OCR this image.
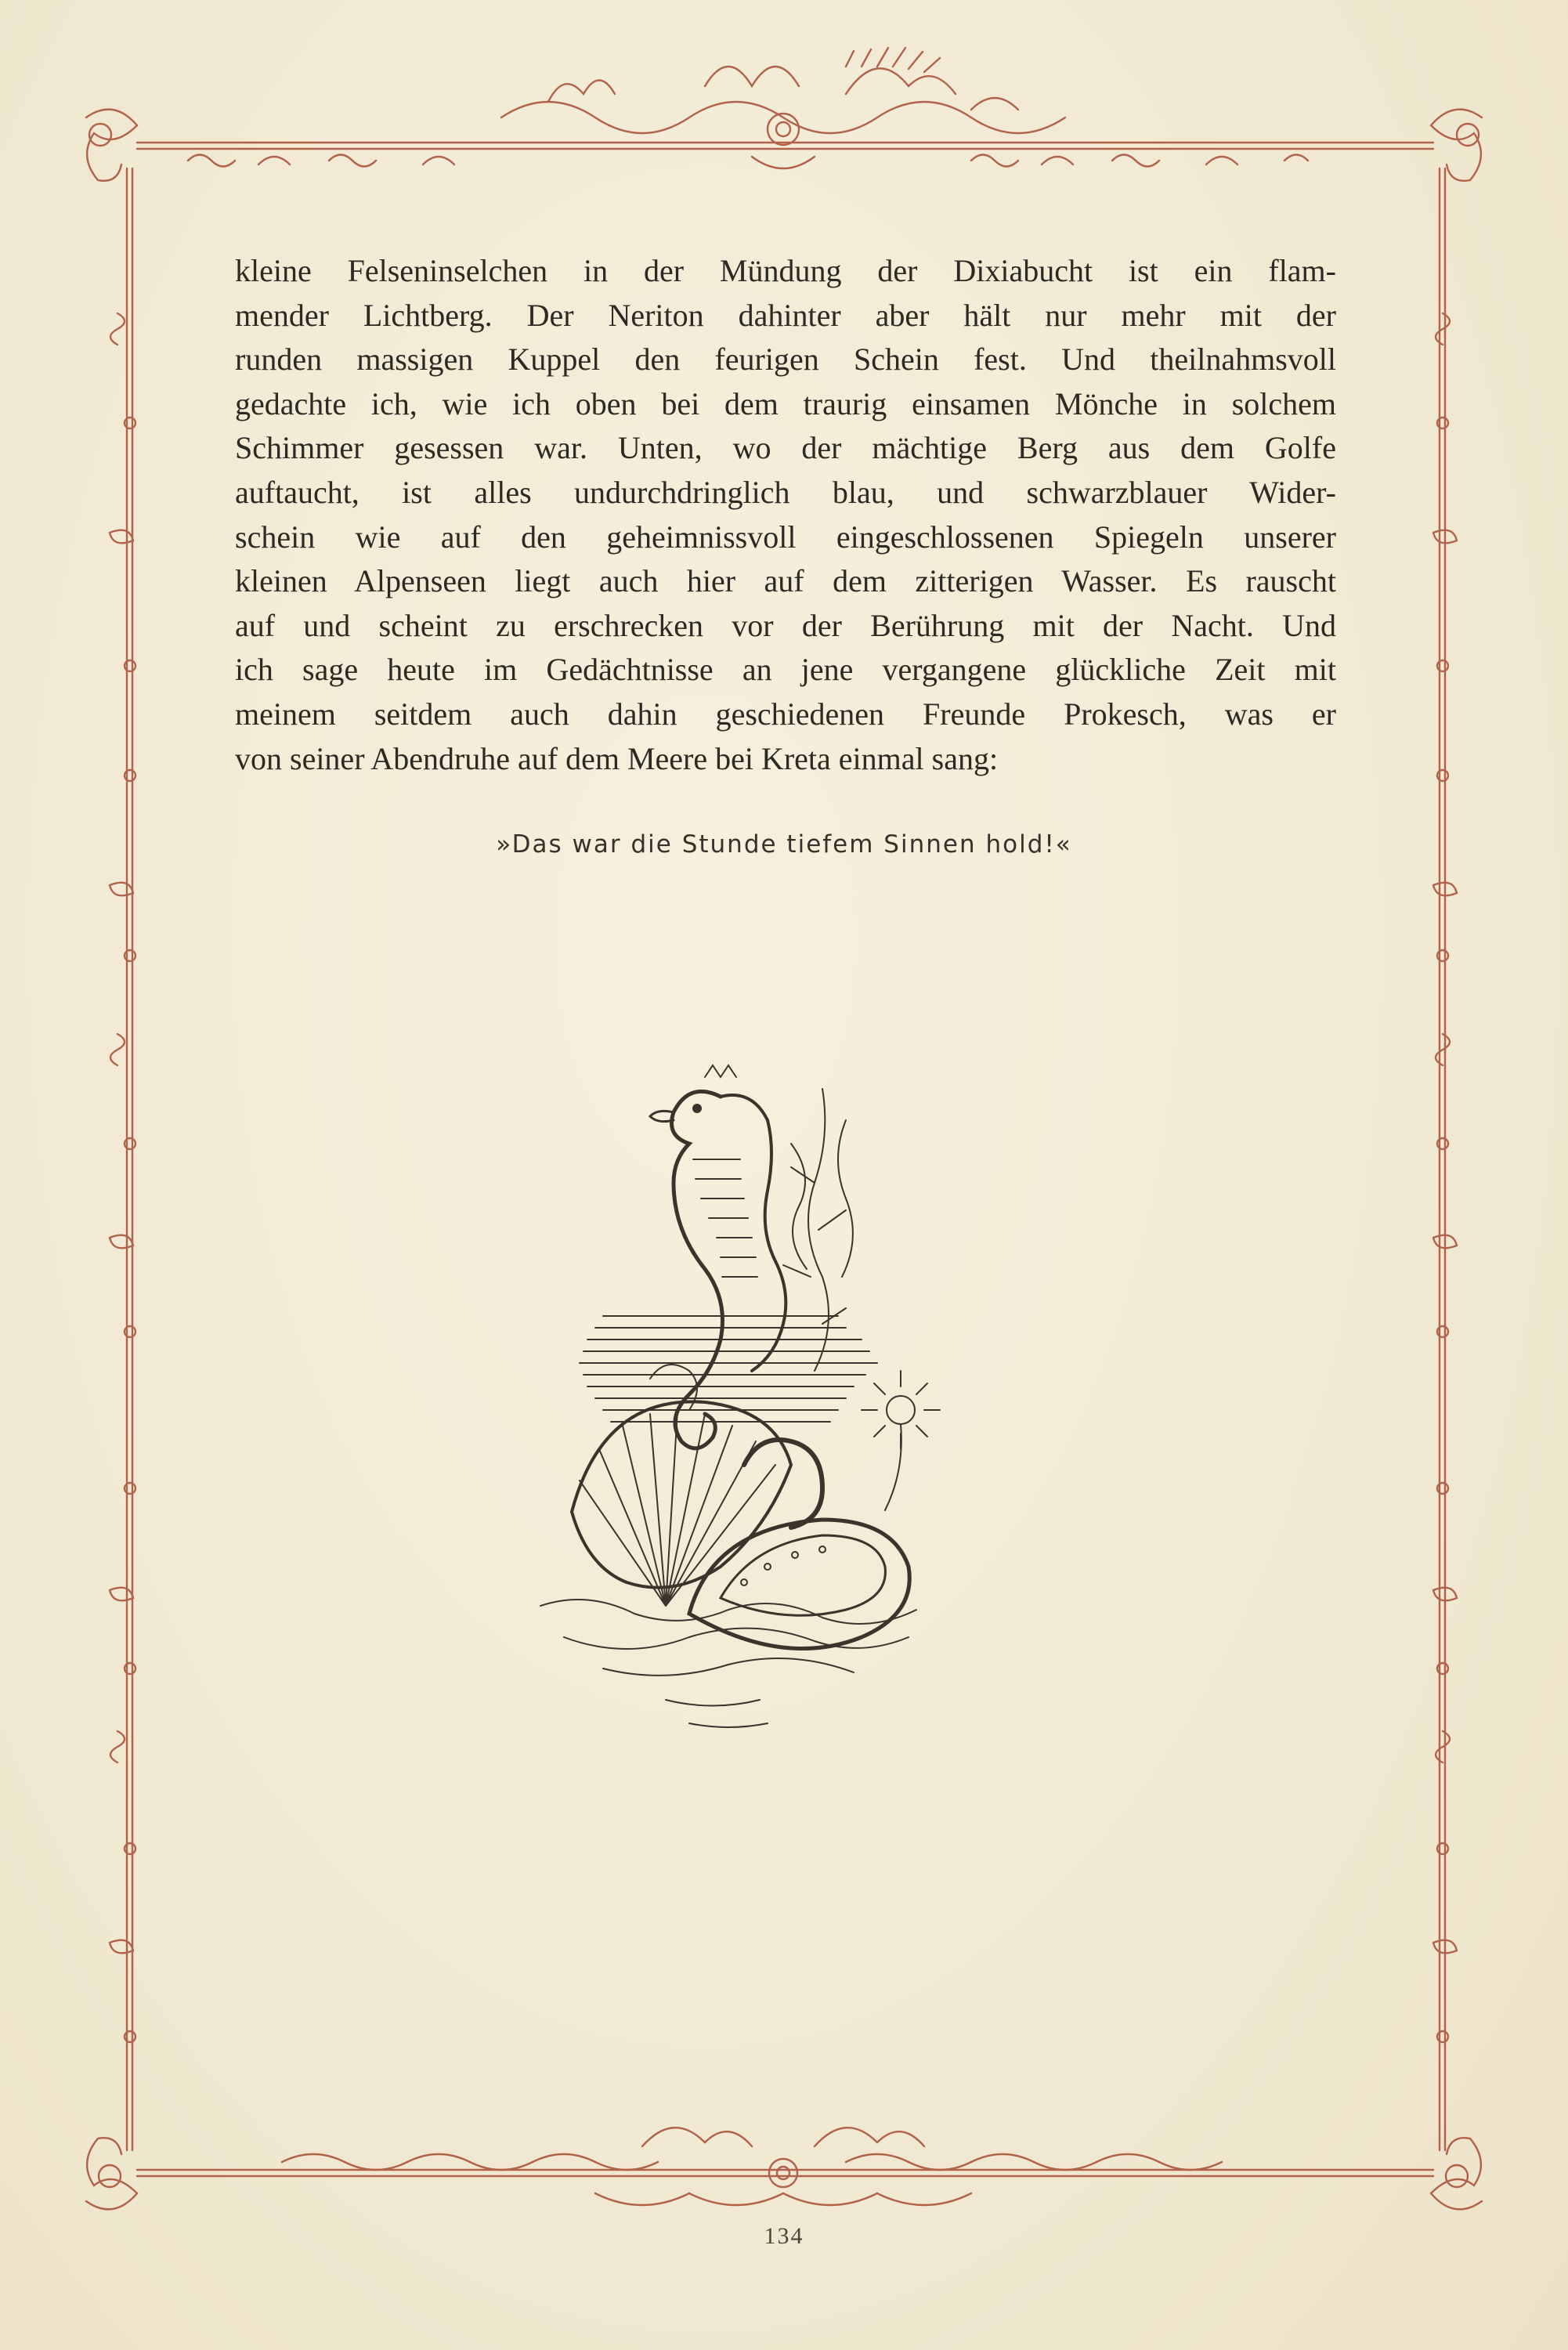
kleine Felseninselchen in der Mündung der Dixiabucht ist ein flam-
mender Lichtberg. Der Neriton dahinter aber hält nur mehr mit der
runden massigen Kuppel den feurigen Schein fest. Und theilnahmsvoll
gedachte ich, wie ich oben bei dem traurig einsamen Mönche in solchem
Schimmer gesessen war. Unten, wo der mächtige Berg aus dem Golfe
auftaucht, ist alles undurchdringlich blau, und schwarzblauer Wider-
schein wie auf den geheimnissvoll eingeschlossenen Spiegeln unserer
kleinen Alpenseen liegt auch hier auf dem zitterigen Wasser. Es rauscht
auf und scheint zu erschrecken vor der Berührung mit der Nacht. Und
ich sage heute im Gedächtnisse an jene vergangene glückliche Zeit mit
meinem seitdem auch dahin geschiedenen Freunde Prokesch, was er
von seiner Abendruhe auf dem Meere bei Kreta einmal sang:
»Das war die Stunde tiefem Sinnen hold!«
134
